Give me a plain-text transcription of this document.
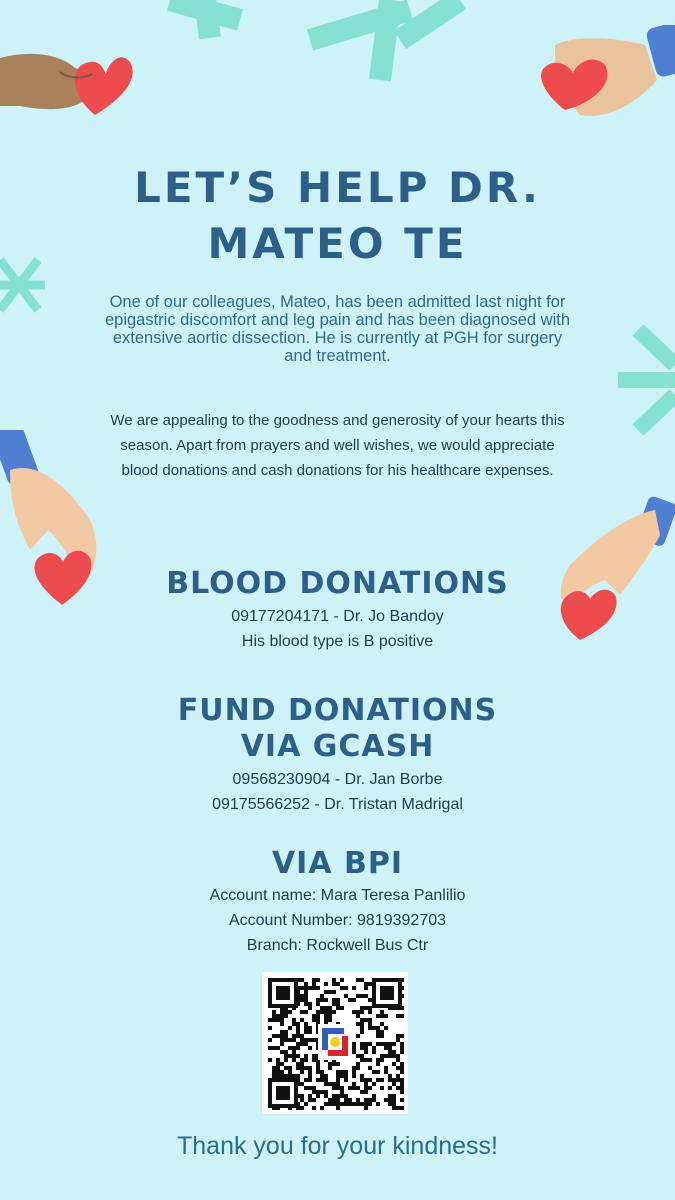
LET’S HELP DR.
MATEO TE
One of our colleagues, Mateo, has been admitted last night for epigastric discomfort and leg pain and has been diagnosed with extensive aortic dissection. He is currently at PGH for surgery and treatment.
We are appealing to the goodness and generosity of your hearts this season. Apart from prayers and well wishes, we would appreciate blood donations and cash donations for his healthcare expenses.
BLOOD DONATIONS
09177204171 - Dr. Jo Bandoy
His blood type is B positive
FUND DONATIONS
VIA GCASH
09568230904 - Dr. Jan Borbe
09175566252 - Dr. Tristan Madrigal
VIA BPI
Account name: Mara Teresa Panlilio
Account Number: 9819392703
Branch: Rockwell Bus Ctr
Thank you for your kindness!
